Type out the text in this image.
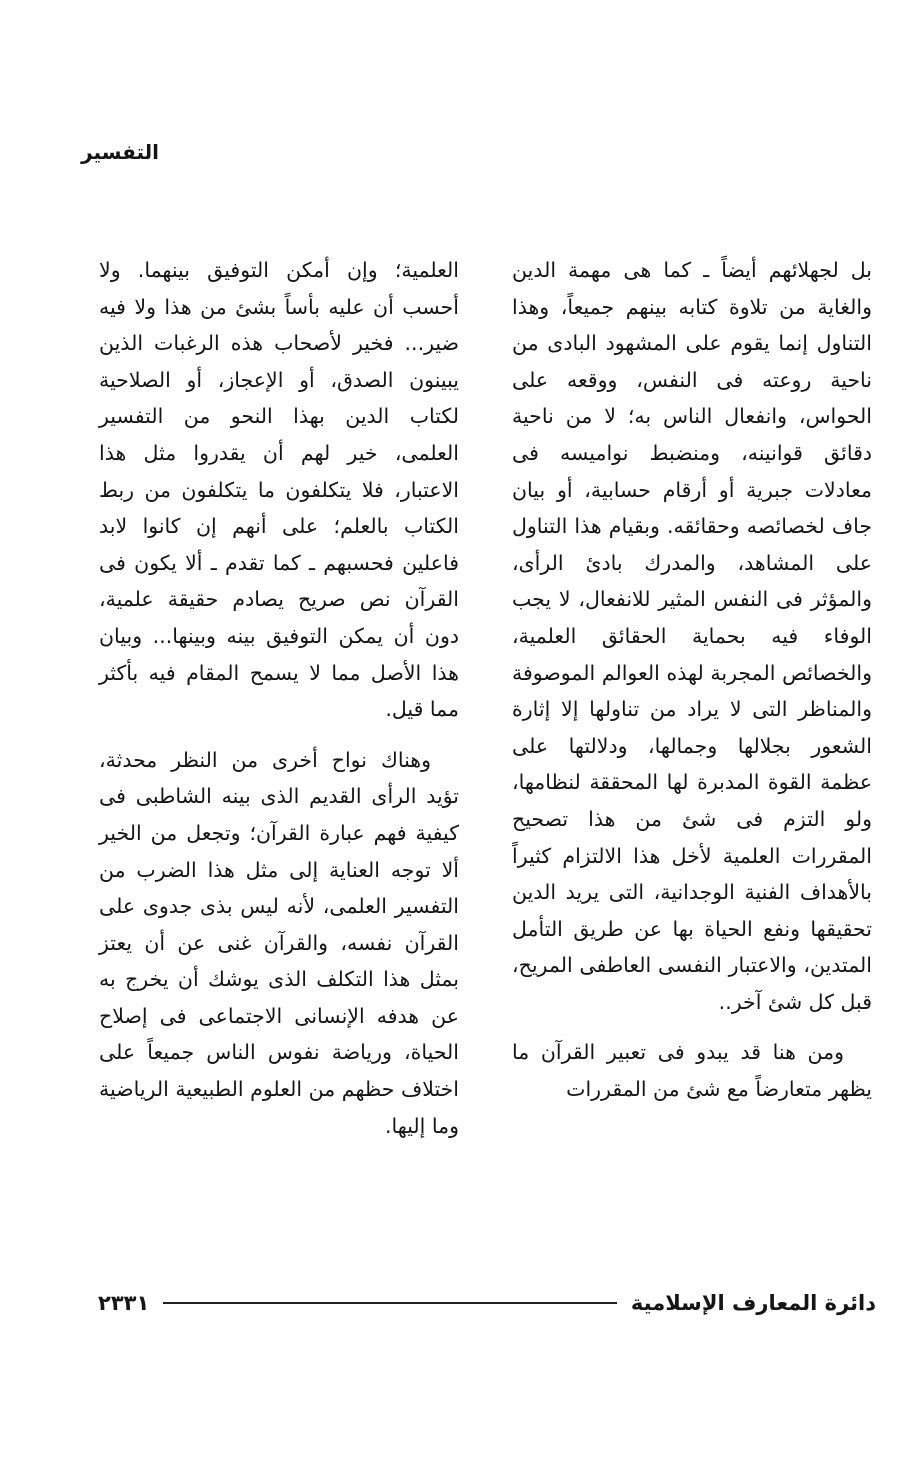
التفسير

بل لجهلائهم أيضاً ـ كما هى مهمة الدين والغاية من تلاوة كتابه بينهم جميعاً، وهذا التناول إنما يقوم على المشهود البادى من ناحية روعته فى النفس، ووقعه على الحواس، وانفعال الناس به؛ لا من ناحية دقائق قوانينه، ومنضبط نواميسه فى معادلات جبرية أو أرقام حسابية، أو بيان جاف لخصائصه وحقائقه. وبقيام هذا التناول على المشاهد، والمدرك بادئ الرأى، والمؤثر فى النفس المثير للانفعال، لا يجب الوفاء فيه بحماية الحقائق العلمية، والخصائص المجربة لهذه العوالم الموصوفة والمناظر التى لا يراد من تناولها إلا إثارة الشعور بجلالها وجمالها، ودلالتها على عظمة القوة المدبرة لها المحققة لنظامها، ولو التزم فى شئ من هذا تصحيح المقررات العلمية لأخل هذا الالتزام كثيراً بالأهداف الفنية الوجدانية، التى يريد الدين تحقيقها ونفع الحياة بها عن طريق التأمل المتدين، والاعتبار النفسى العاطفى المريح، قبل كل شئ آخر..

ومن هنا قد يبدو فى تعبير القرآن ما يظهر متعارضاً مع شئ من المقررات

العلمية؛ وإن أمكن التوفيق بينهما. ولا أحسب أن عليه بأساً بشئ من هذا ولا فيه ضير... فخير لأصحاب هذه الرغبات الذين يبينون الصدق، أو الإعجاز، أو الصلاحية لكتاب الدين بهذا النحو من التفسير العلمى، خير لهم أن يقدروا مثل هذا الاعتبار، فلا يتكلفون ما يتكلفون من ربط الكتاب بالعلم؛ على أنهم إن كانوا لابد فاعلين فحسبهم ـ كما تقدم ـ ألا يكون فى القرآن نص صريح يصادم حقيقة علمية، دون أن يمكن التوفيق بينه وبينها... وبيان هذا الأصل مما لا يسمح المقام فيه بأكثر مما قيل.

وهناك نواح أخرى من النظر محدثة، تؤيد الرأى القديم الذى بينه الشاطبى فى كيفية فهم عبارة القرآن؛ وتجعل من الخير ألا توجه العناية إلى مثل هذا الضرب من التفسير العلمى، لأنه ليس بذى جدوى على القرآن نفسه، والقرآن غنى عن أن يعتز بمثل هذا التكلف الذى يوشك أن يخرج به عن هدفه الإنسانى الاجتماعى فى إصلاح الحياة، ورياضة نفوس الناس جميعاً على اختلاف حظهم من العلوم الطبيعية الرياضية وما إليها.

دائرة المعارف الإسلامية
٢٣٣١
